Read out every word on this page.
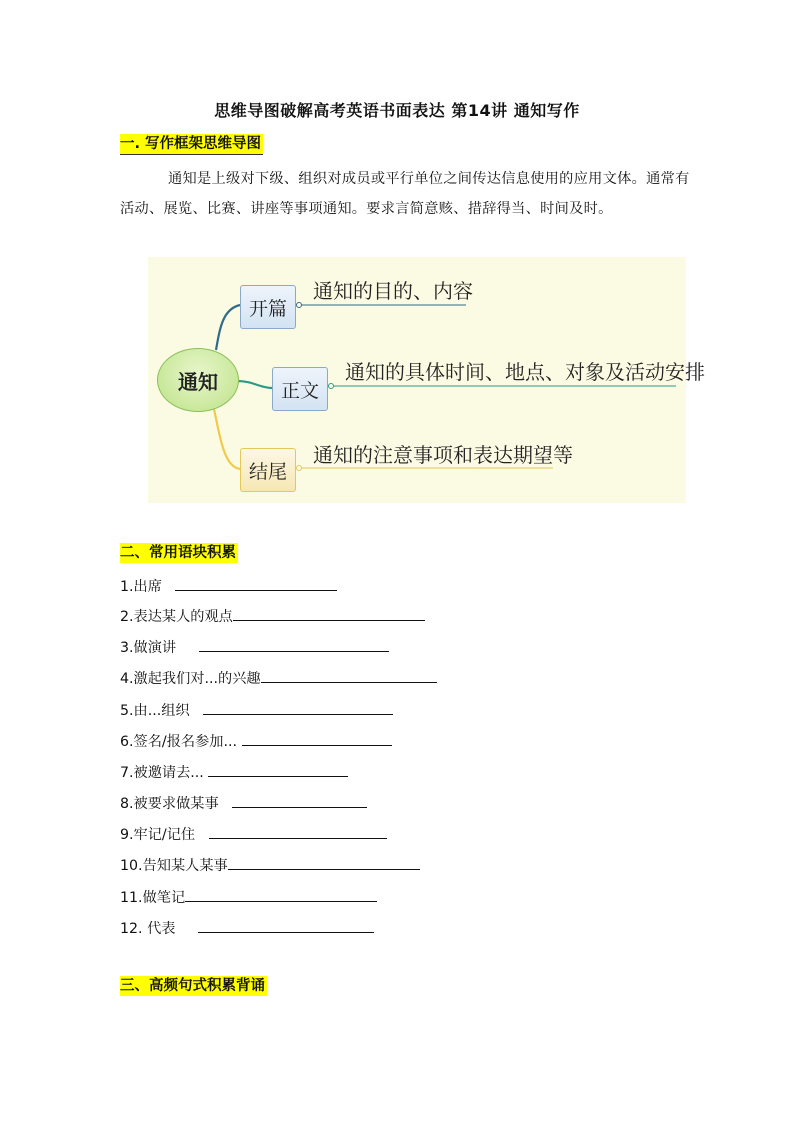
思维导图破解高考英语书面表达 第14讲 通知写作
一. 写作框架思维导图
通知是上级对下级、组织对成员或平行单位之间传达信息使用的应用文体。通常有活动、展览、比赛、讲座等事项通知。要求言简意赅、措辞得当、时间及时。
通知
开篇
正文
结尾
通知的目的、内容
通知的具体时间、地点、对象及活动安排
通知的注意事项和表达期望等
二、常用语块积累
1.出席
2.表达某人的观点
3.做演讲
4.激起我们对...的兴趣
5.由...组织
6.签名/报名参加...
7.被邀请去...
8.被要求做某事
9.牢记/记住
10.告知某人某事
11.做笔记
12. 代表
三、高频句式积累背诵
